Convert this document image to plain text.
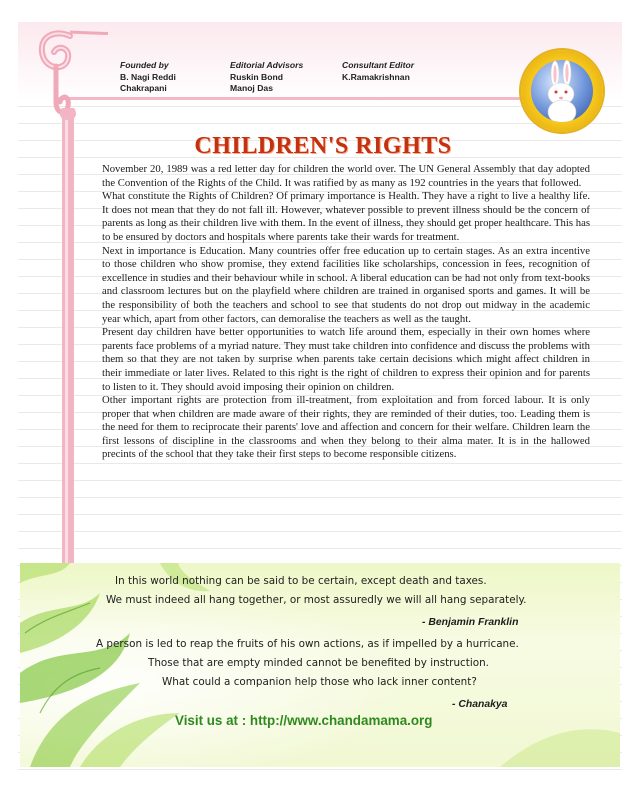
Founded by
B. Nagi Reddi
Chakrapani
Editorial Advisors
Ruskin Bond
Manoj Das
Consultant Editor
K.Ramakrishnan
CHILDREN'S RIGHTS

November 20, 1989 was a red letter day for children the world over. The UN General Assembly that day adopted the Convention of the Rights of the Child. It was ratified by as many as 192 countries in the years that followed.

What constitute the Rights of Children? Of primary importance is Health. They have a right to live a healthy life. It does not mean that they do not fall ill. However, whatever possible to prevent illness should be the concern of parents as long as their children live with them. In the event of illness, they should get proper healthcare. This has to be ensured by doctors and hospitals where parents take their wards for treatment.

Next in importance is Education. Many countries offer free education up to certain stages. As an extra incentive to those children who show promise, they extend facilities like scholarships, concession in fees, recognition of excellence in studies and their behaviour while in school. A liberal education can be had not only from text-books and classroom lectures but on the playfield where children are trained in organised sports and games. It will be the responsibility of both the teachers and school to see that students do not drop out midway in the academic year which, apart from other factors, can demoralise the teachers as well as the taught.

Present day children have better opportunities to watch life around them, especially in their own homes where parents face problems of a myriad nature. They must take children into confidence and discuss the problems with them so that they are not taken by surprise when parents take certain decisions which might affect children in their immediate or later lives. Related to this right is the right of children to express their opinion and for parents to listen to it. They should avoid imposing their opinion on children.

Other important rights are protection from ill-treatment, from exploitation and from forced labour. It is only proper that when children are made aware of their rights, they are reminded of their duties, too. Leading them is the need for them to reciprocate their parents' love and affection and concern for their welfare. Children learn the first lessons of discipline in the classrooms and when they belong to their alma mater. It is in the hallowed precints of the school that they take their first steps to become responsible citizens.

In this world nothing can be said to be certain, except death and taxes.
We must indeed all hang together, or most assuredly we will all hang separately.
- Benjamin Franklin
A person is led to reap the fruits of his own actions, as if impelled by a hurricane.
Those that are empty minded cannot be benefited by instruction.
What could a companion help those who lack inner content?
- Chanakya
Visit us at : http://www.chandamama.org
